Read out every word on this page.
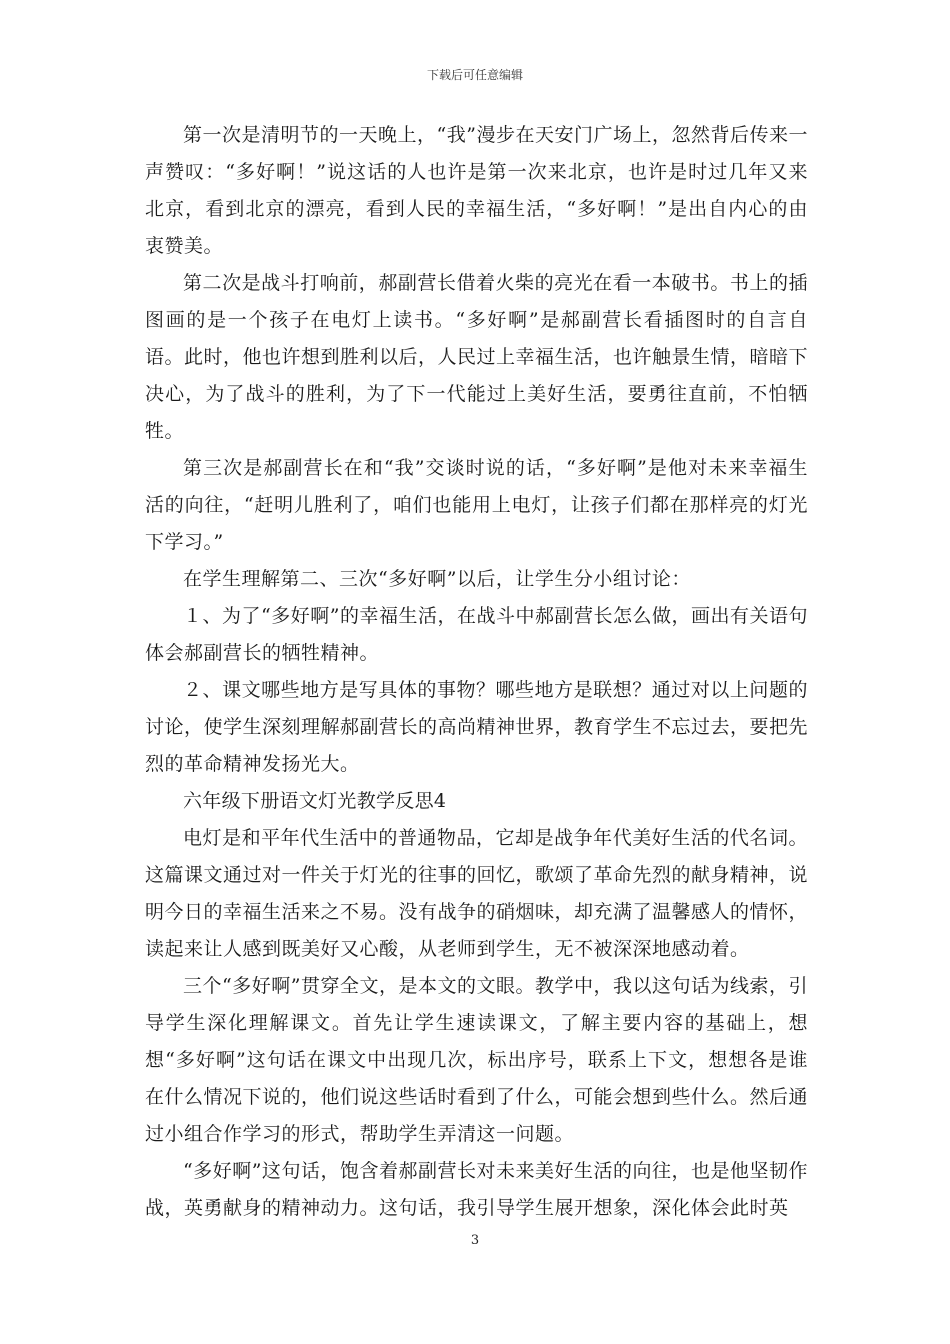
下载后可任意编辑

第一次是清明节的一天晚上，“我”漫步在天安门广场上，忽然背后传来一声赞叹：“多好啊！”说这话的人也许是第一次来北京，也许是时过几年又来北京，看到北京的漂亮，看到人民的幸福生活，“多好啊！”是出自内心的由衷赞美。

第二次是战斗打响前，郝副营长借着火柴的亮光在看一本破书。书上的插图画的是一个孩子在电灯上读书。“多好啊”是郝副营长看插图时的自言自语。此时，他也许想到胜利以后，人民过上幸福生活，也许触景生情，暗暗下决心，为了战斗的胜利，为了下一代能过上美好生活，要勇往直前，不怕牺牲。

第三次是郝副营长在和“我”交谈时说的话，“多好啊”是他对未来幸福生活的向往，“赶明儿胜利了，咱们也能用上电灯，让孩子们都在那样亮的灯光下学习。”

在学生理解第二、三次“多好啊”以后，让学生分小组讨论：

１、为了“多好啊”的幸福生活，在战斗中郝副营长怎么做，画出有关语句体会郝副营长的牺牲精神。

２、课文哪些地方是写具体的事物？哪些地方是联想？通过对以上问题的讨论，使学生深刻理解郝副营长的高尚精神世界，教育学生不忘过去，要把先烈的革命精神发扬光大。

六年级下册语文灯光教学反思4

电灯是和平年代生活中的普通物品，它却是战争年代美好生活的代名词。这篇课文通过对一件关于灯光的往事的回忆，歌颂了革命先烈的献身精神，说明今日的幸福生活来之不易。没有战争的硝烟味，却充满了温馨感人的情怀，读起来让人感到既美好又心酸，从老师到学生，无不被深深地感动着。

三个“多好啊”贯穿全文，是本文的文眼。教学中，我以这句话为线索，引导学生深化理解课文。首先让学生速读课文，了解主要内容的基础上，想想“多好啊”这句话在课文中出现几次，标出序号，联系上下文，想想各是谁在什么情况下说的，他们说这些话时看到了什么，可能会想到些什么。然后通过小组合作学习的形式，帮助学生弄清这一问题。

“多好啊”这句话，饱含着郝副营长对未来美好生活的向往，也是他坚韧作战，英勇献身的精神动力。这句话，我引导学生展开想象，深化体会此时英

3
